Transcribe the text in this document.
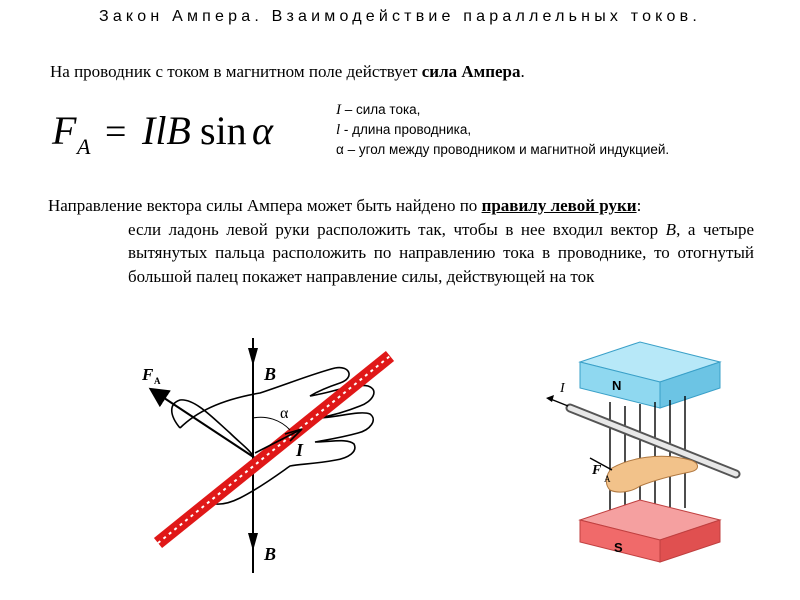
Закон Ампера. Взаимодействие параллельных токов.
На проводник с током в магнитном поле действует сила Ампера.
F A = IlB sin α	I – сила тока,
l - длина проводника,
α – угол между проводником и магнитной индукцией.
Направление вектора силы Ампера может быть найдено по правилу левой руки:
если ладонь левой руки расположить так, чтобы в нее входил вектор B, а четыре вытянутых пальца расположить по направлению тока в проводнике, то отогнутый большой палец покажет направление силы, действующей на ток
F A	B
B
α
I
N
S
I
F
A
